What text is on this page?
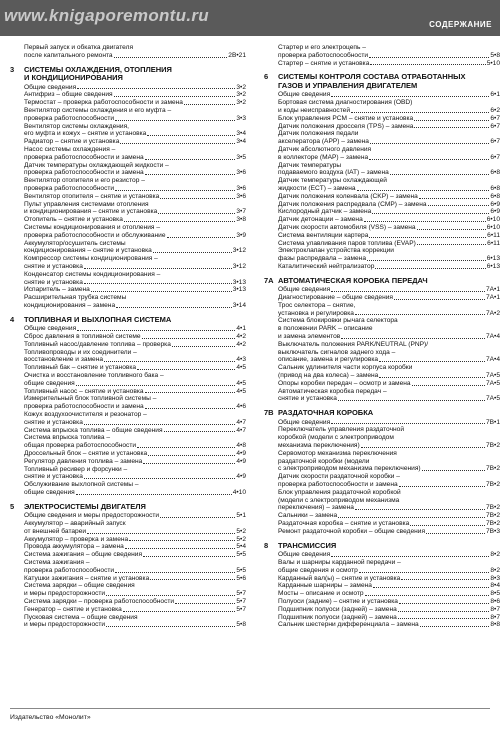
www.knigaporemontu.ru	СОДЕРЖАНИЕ
Первый запуск и обкатка двигателя
после капитального ремонта	2В•21
3	СИСТЕМЫ ОХЛАЖДЕНИЯ, ОТОПЛЕНИЯ
И КОНДИЦИОНИРОВАНИЯ
Общие сведения	3•2
Антифриз – общие сведения	3•2
Термостат – проверка работоспособности и замена	3•2
Вентилятор системы охлаждения и его муфта –
проверка работоспособности	3•3
Вентилятор системы охлаждения,
его муфта и кожух – снятие и установка	3•4
Радиатор – снятие и установка	3•4
Насос системы охлаждения –
проверка работоспособности и замена	3•5
Датчик температуры охлаждающей жидкости –
проверка работоспособности и замена	3•6
Вентилятор отопителя и его резистор –
проверка работоспособности	3•6
Вентилятор отопителя – снятие и установка	3•6
Пульт управления системами отопления
и кондиционирования – снятие и установка	3•7
Отопитель – снятие и установка	3•8
Системы кондиционирования и отопления –
проверка работоспособности и обслуживание	3•9
Аккумулятор/осушитель системы
кондиционирования – снятие и установка	3•12
Компрессор системы кондиционирования –
снятие и установка	3•12
Конденсатор системы кондиционирования –
снятие и установка	3•13
Испаритель – замена	3•13
Расширительная трубка системы
кондиционирования – замена	3•14
4	ТОПЛИВНАЯ И ВЫХЛОПНАЯ СИСТЕМА
Общие сведения	4•1
Сброс давления в топливной системе	4•2
Топливный насос/давление топлива – проверка	4•2
Топливопроводы и их соединители –
восстановление и замена	4•3
Топливный бак – снятие и установка	4•5
Очистка и восстановление топливного бака –
общие сведения	4•5
Топливный насос – снятие и установка	4•5
Измерительный блок топливной системы –
проверка работоспособности и замена	4•6
Кожух воздухоочистителя и резонатор –
снятие и установка	4•7
Система впрыска топлива – общие сведения	4•7
Система впрыска топлива –
общая проверка работоспособности	4•8
Дроссельный блок – снятие и установка	4•9
Регулятор давления топлива – замена	4•9
Топливный ресивер и форсунки –
снятие и установка	4•9
Обслуживание выхлопной системы –
общие сведения	4•10
5	ЭЛЕКТРОСИСТЕМЫ ДВИГАТЕЛЯ
Общие сведения и меры предосторожности	5•1
Аккумулятор – аварийный запуск
от внешней батареи	5•2
Аккумулятор – проверка и замена	5•2
Провода аккумулятора – замена	5•4
Система зажигания – общие сведения	5•5
Система зажигания –
проверка работоспособности	5•5
Катушки зажигания – снятие и установка	5•6
Система зарядки – общие сведения
и меры предосторожности	5•7
Система зарядки – проверка работоспособности	5•7
Генератор – снятие и установка	5•7
Пусковая система – общие сведения
и меры предосторожности	5•8
Стартер и его электроцепь –
проверка работоспособности	5•8
Стартер – снятие и установка	5•10
6	СИСТЕМЫ КОНТРОЛЯ СОСТАВА ОТРАБОТАННЫХ
ГАЗОВ И УПРАВЛЕНИЯ ДВИГАТЕЛЕМ
Общие сведения	6•1
Бортовая система диагностирования (OBD)
и коды неисправностей	6•2
Блок управления PCM – снятие и установка	6•7
Датчик положения дросселя (TPS) – замена	6•7
Датчик положения педали
акселератора (APP) – замена	6•7
Датчик абсолютного давления
в коллекторе (MAP) – замена	6•7
Датчик температуры
подаваемого воздуха (IAT) – замена	6•8
Датчик температуры охлаждающей
жидкости (ECT) – замена	6•8
Датчик положения коленвала (CKP) – замена	6•8
Датчик положения распредвала (CMP) – замена	6•9
Кислородный датчик – замена	6•9
Датчик детонации – замена	6•10
Датчик скорости автомобиля (VSS) – замена	6•10
Система вентиляции картера	6•11
Система улавливания паров топлива (EVAP)	6•11
Электроклапан устройства коррекции
фазы распредвала – замена	6•13
Каталитический нейтрализатор	6•13
7A АВТОМАТИЧЕСКАЯ КОРОБКА ПЕРЕДАЧ
Общие сведения	7A•1
Диагностирование – общие сведения	7A•1
Трос селектора – снятие,
установка и регулировка	7A•2
Система блокировки рычага селектора
в положении PARK – описание
и замена элементов	7A•4
Выключатель положения PARK/NEUTRAL (PNP)/
выключатель сигналов заднего хода –
описание, замена и регулировка	7A•4
Сальник удлинителя части корпуса коробки
(привод на два колеса) – замена	7A•5
Опоры коробки передач – осмотр и замена	7A•5
Автоматическая коробка передач –
снятие и установка	7A•5
7B РАЗДАТОЧНАЯ КОРОБКА
Общие сведения	7B•1
Переключатель управления раздаточной
коробкой (модели с электроприводом
механизма переключения)	7B•2
Сервомотор механизма переключения
раздаточной коробки (модели
с электроприводом механизма переключения)	7B•2
Датчик скорости раздаточной коробки –
проверка работоспособности и замена	7B•2
Блок управления раздаточной коробкой
(модели с электроприводом механизма
переключения) – замена	7B•2
Сальники – замена	7B•2
Раздаточная коробка – снятие и установка	7B•2
Ремонт раздаточной коробки – общие сведения	7B•3
8	ТРАНСМИССИЯ
Общие сведения	8•2
Валы и шарниры карданной передачи –
общие сведения и осмотр	8•2
Карданный вал(ы) – снятие и установка	8•3
Карданные шарниры – замена	8•4
Мосты – описание и осмотр	8•5
Полуоси (задние) – снятие и установка	8•6
Подшипник полуоси (задней) – замена	8•7
Подшипник полуоси (задней) – замена	8•7
Сальник шестерни дифференциала – замена	8•8
Издательство «Монолит»
